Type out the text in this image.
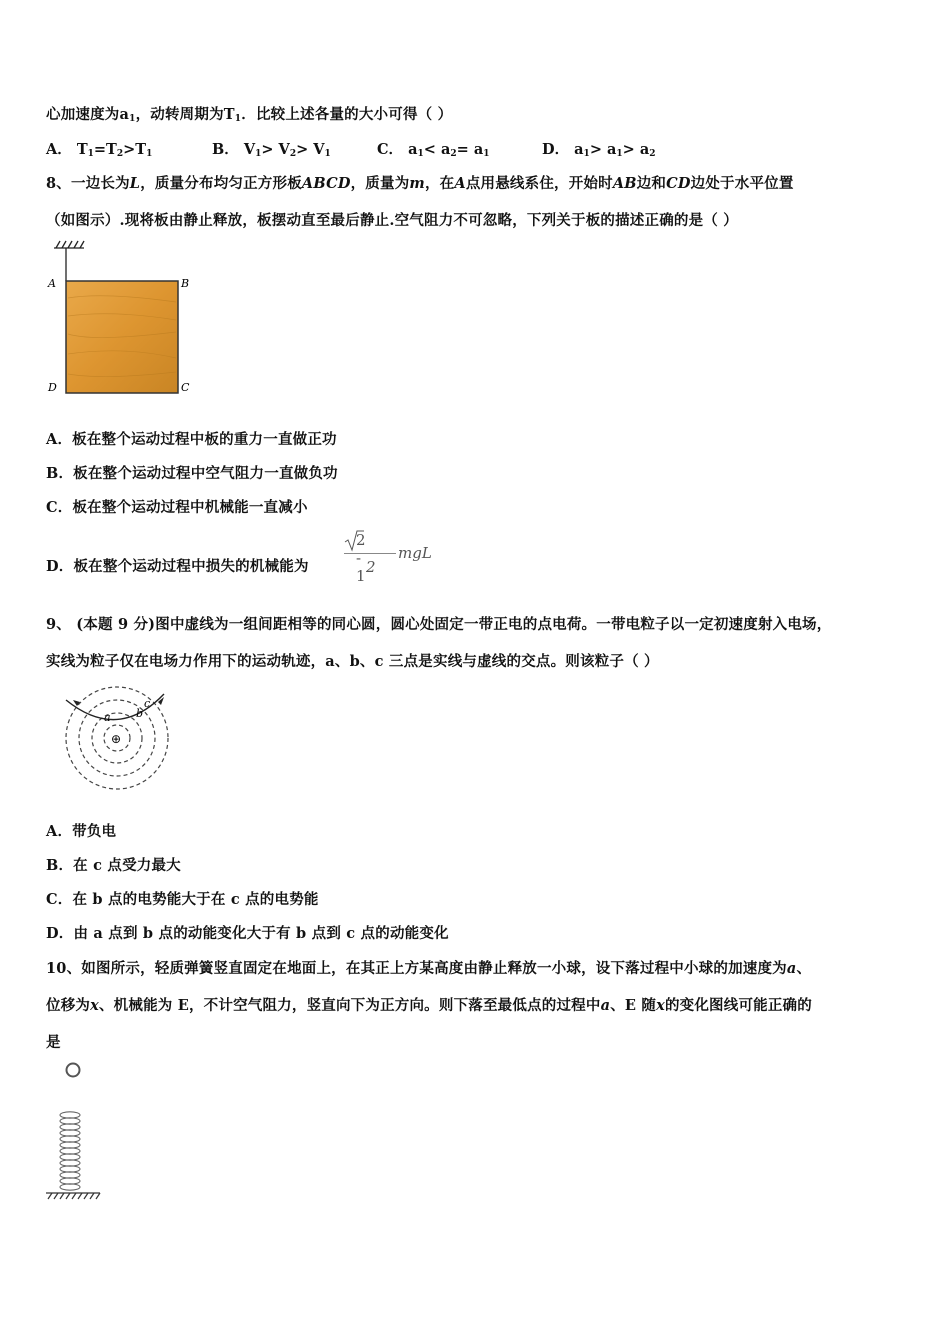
心加速度为$a_1$，动转周期为$T_1$．比较上述各量的大小可得（ ）
A． $T_1=T_2>T_1$	B． $V_1> V_2> V_1$	C． $a_1< a_2= a_1$	D． $a_1> a_1> a_2$
8、一边长为L，质量分布均匀正方形板ABCD，质量为m，在A点用悬线系住，开始时AB边和CD边处于水平位置
（如图示）.现将板由静止释放，板摆动直至最后静止.空气阻力不可忽略，下列关于板的描述正确的是（ ）
A	B
D	C
A．板在整个运动过程中板的重力一直做正功
B．板在整个运动过程中空气阻力一直做负功
C．板在整个运动过程中机械能一直减小
D．板在整个运动过程中损失的机械能为
2 - 1 2
mgL
9、 (本题 9 分)图中虚线为一组间距相等的同心圆，圆心处固定一带正电的点电荷。一带电粒子以一定初速度射入电场，
实线为粒子仅在电场力作用下的运动轨迹，a、b、c 三点是实线与虚线的交点。则该粒子（ ）
a b
c
⊕
A．带负电
B．在 c 点受力最大
C．在 b 点的电势能大于在 c 点的电势能
D．由 a 点到 b 点的动能变化大于有 b 点到 c 点的动能变化
10、如图所示，轻质弹簧竖直固定在地面上，在其正上方某高度由静止释放一小球，设下落过程中小球的加速度为a、
位移为x、机械能为 E，不计空气阻力，竖直向下为正方向。则下落至最低点的过程中a、E 随x的变化图线可能正确的
是
